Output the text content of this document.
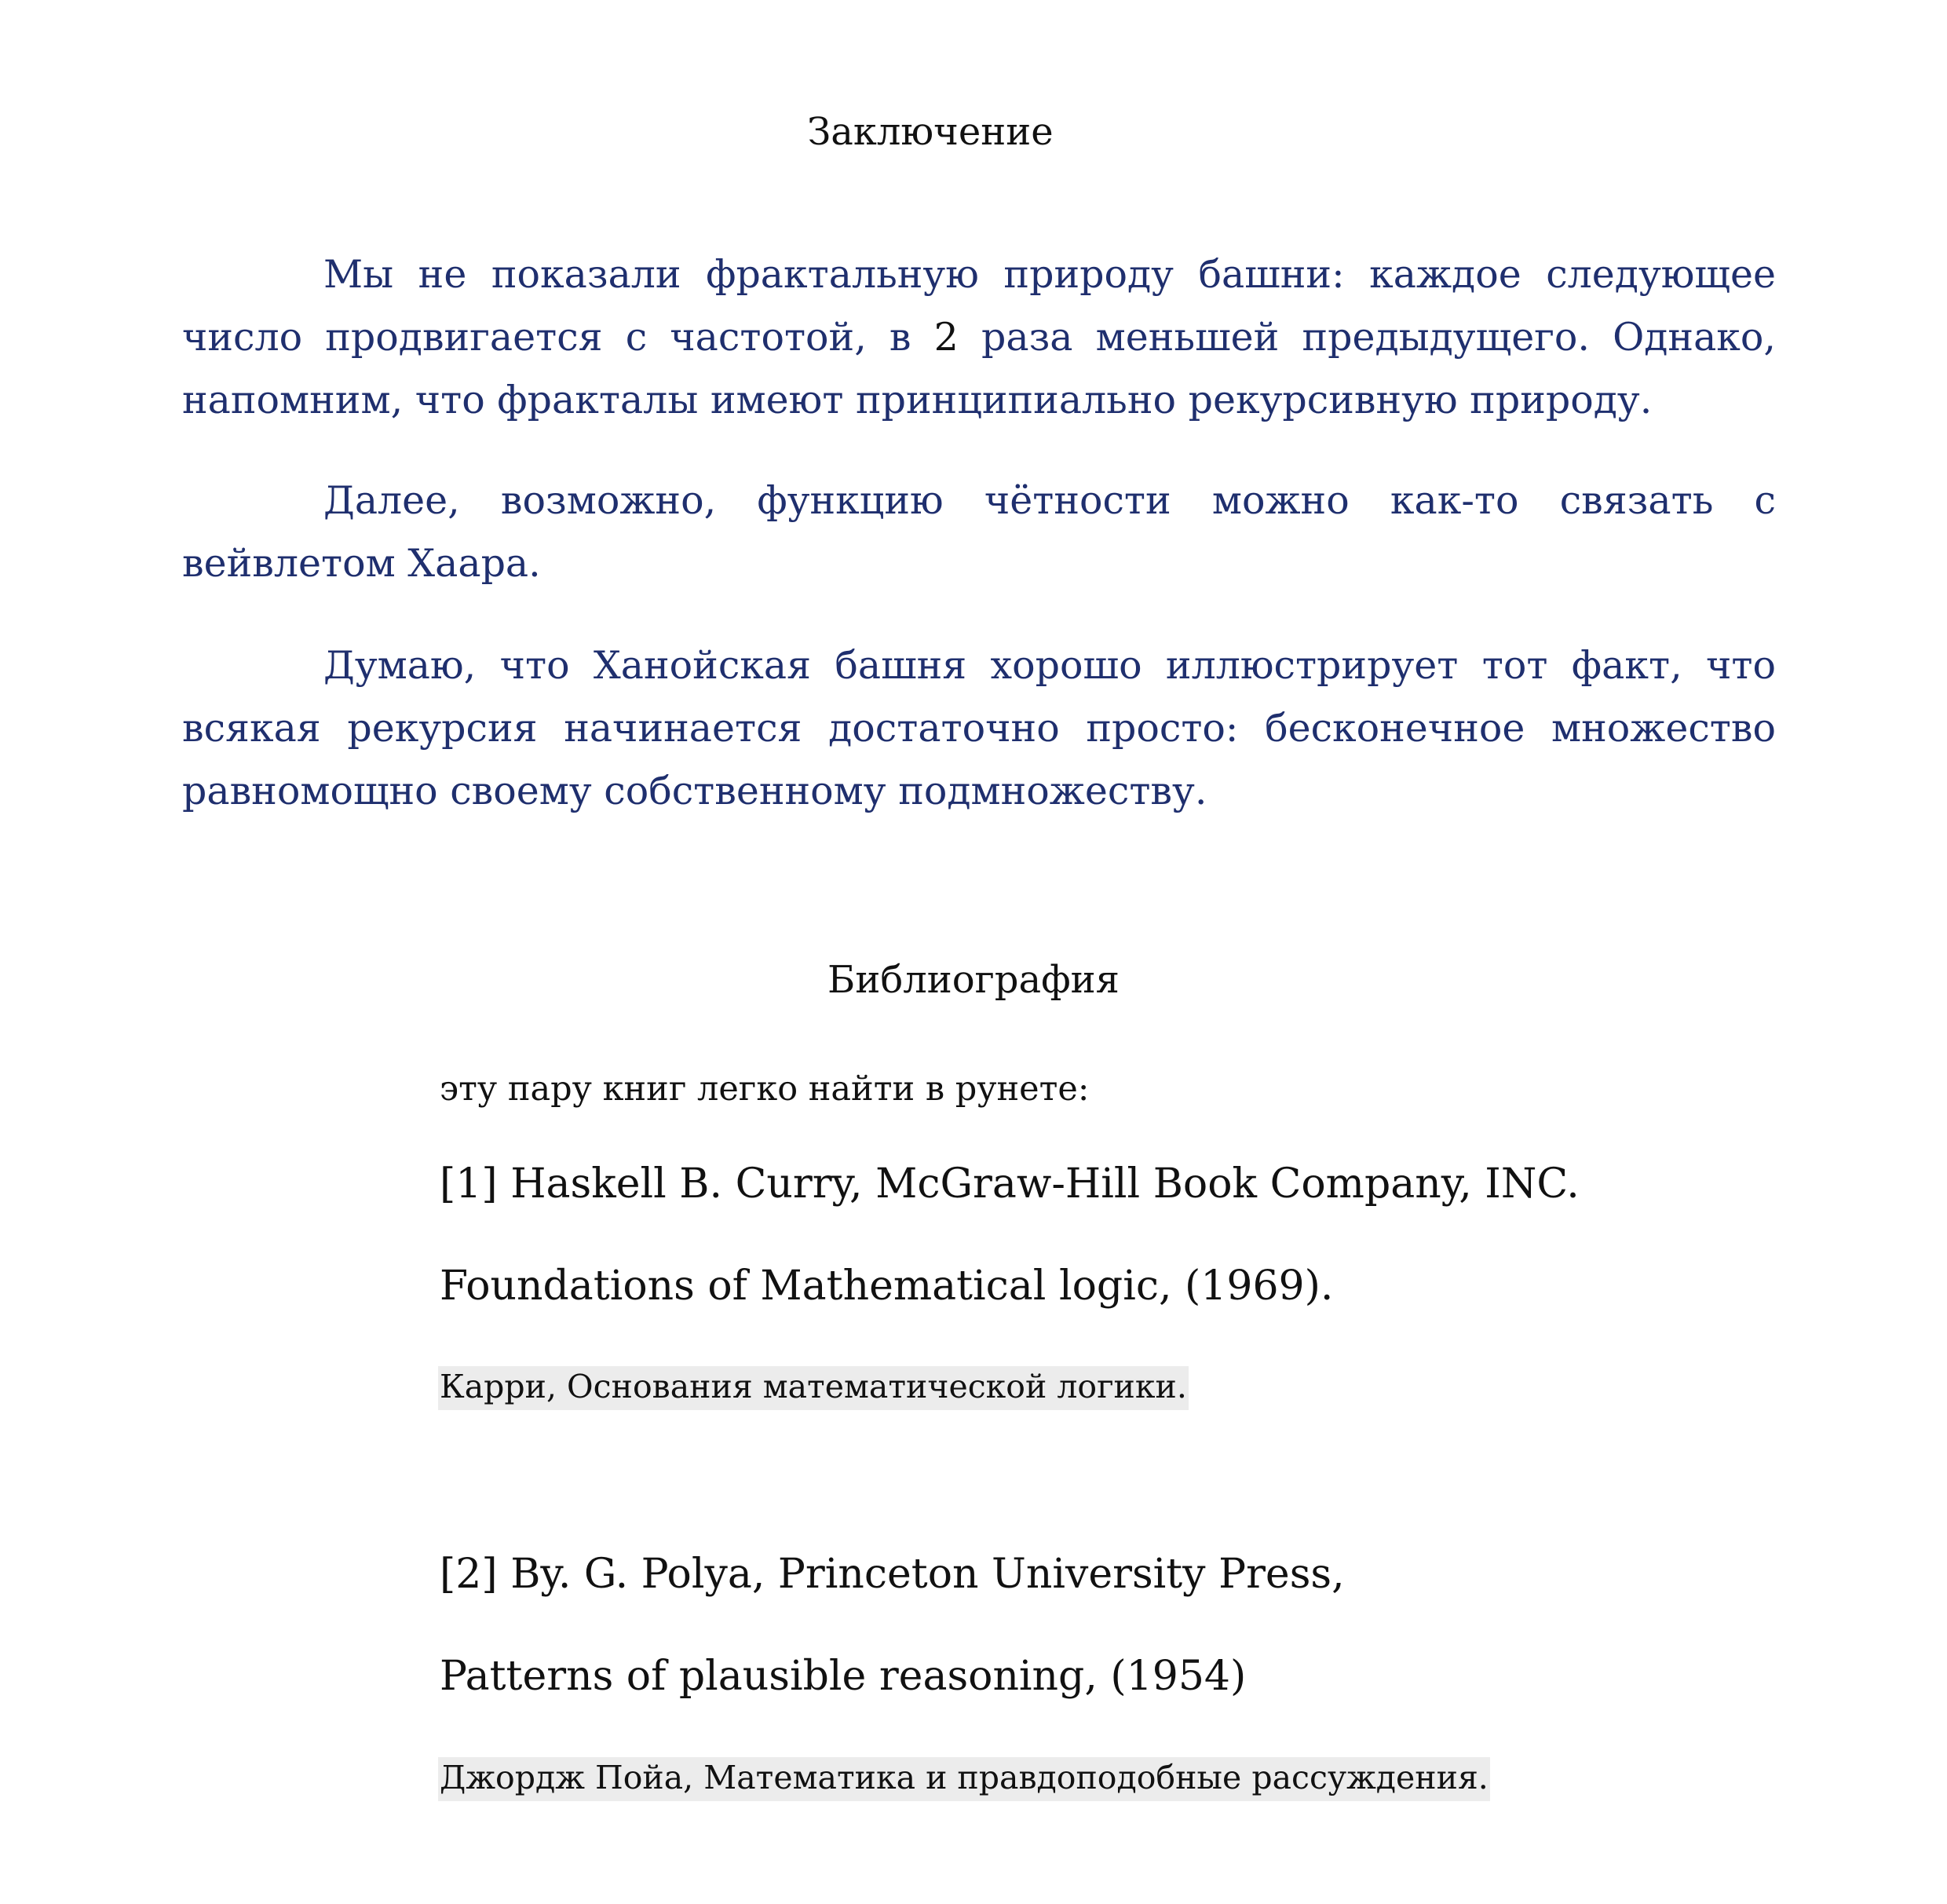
Заключение

Мы не показали фрактальную природу башни: каждое следующее число продвигается с частотой, в 2 раза меньшей предыдущего. Однако, напомним, что фракталы имеют принципиально рекурсивную природу.

Далее, возможно, функцию чётности можно как-то связать с вейвлетом Хаара.

Думаю, что Ханойская башня хорошо иллюстрирует тот факт, что всякая рекурсия начинается достаточно просто: бесконечное множество равномощно своему собственному подмножеству.

Библиография

эту пару книг легко найти в рунете:

[1] Haskell B. Curry, McGraw-Hill Book Company, INC.

Foundations of Mathematical logic, (1969).

Карри, Основания математической логики.

[2] By. G. Polya, Princeton University Press,

Patterns of plausible reasoning, (1954)

Джордж Пойа, Математика и правдоподобные рассуждения.
